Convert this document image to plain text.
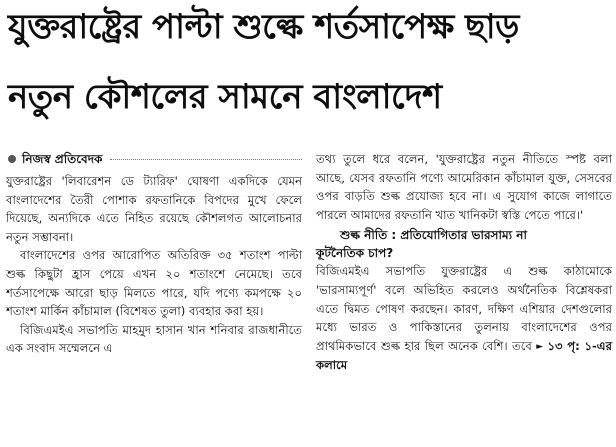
যুক্তরাষ্ট্রের পাল্টা শুল্কে শর্তসাপেক্ষ ছাড়
নতুন কৌশলের সামনে বাংলাদেশ
নিজস্ব প্রতিবেদক

যুক্তরাষ্ট্রের 'লিবারেশন ডে ট্যারিফ' ঘোষণা একদিকে যেমন বাংলাদেশের তৈরী পোশাক রফতানিকে বিপদের মুখে ফেলে দিয়েছে, অন্যদিকে এতে নিহিত রয়েছে কৌশলগত আলোচনার নতুন সম্ভাবনা।

বাংলাদেশের ওপর আরোপিত অতিরিক্ত ৩৫ শতাংশ পাল্টা শুল্ক কিছুটা হ্রাস পেয়ে এখন ২০ শতাংশে নেমেছে। তবে শর্তসাপেক্ষে আরো ছাড় মিলতে পারে, যদি পণ্যে কমপক্ষে ২০ শতাংশ মার্কিন কাঁচামাল (বিশেষত তুলা) ব্যবহার করা হয়।

বিজিএমইএ সভাপতি মাহমুদ হাসান খান শনিবার রাজধানীতে এক সংবাদ সম্মেলনে এ

তথ্য তুলে ধরে বলেন, 'যুক্তরাষ্ট্রের নতুন নীতিতে স্পষ্ট বলা আছে, যেসব রফতানি পণ্যে আমেরিকান কাঁচামাল যুক্ত, সেসবের ওপর বাড়তি শুল্ক প্রযোজ্য হবে না। এ সুযোগ কাজে লাগাতে পারলে আমাদের রফতানি খাত খানিকটা স্বস্তি পেতে পারে।'

শুল্ক নীতি : প্রতিযোগিতার ভারসাম্য না
কূটনৈতিক চাপ?

বিজিএমইএ সভাপতি যুক্তরাষ্ট্রের এ শুল্ক কাঠামোকে 'ভারসাম্যপূর্ণ' বলে অভিহিত করলেও অর্থনৈতিক বিশ্লেষকরা এতে দ্বিমত পোষণ করছেন। কারণ, দক্ষিণ এশিয়ার দেশগুলোর মধ্যে ভারত ও পাকিস্তানের তুলনায় বাংলাদেশের ওপর প্রাথমিকভাবে শুল্ক হার ছিল অনেক বেশি। তবে ► ১৩ পৃ: ১-এর কলামে
